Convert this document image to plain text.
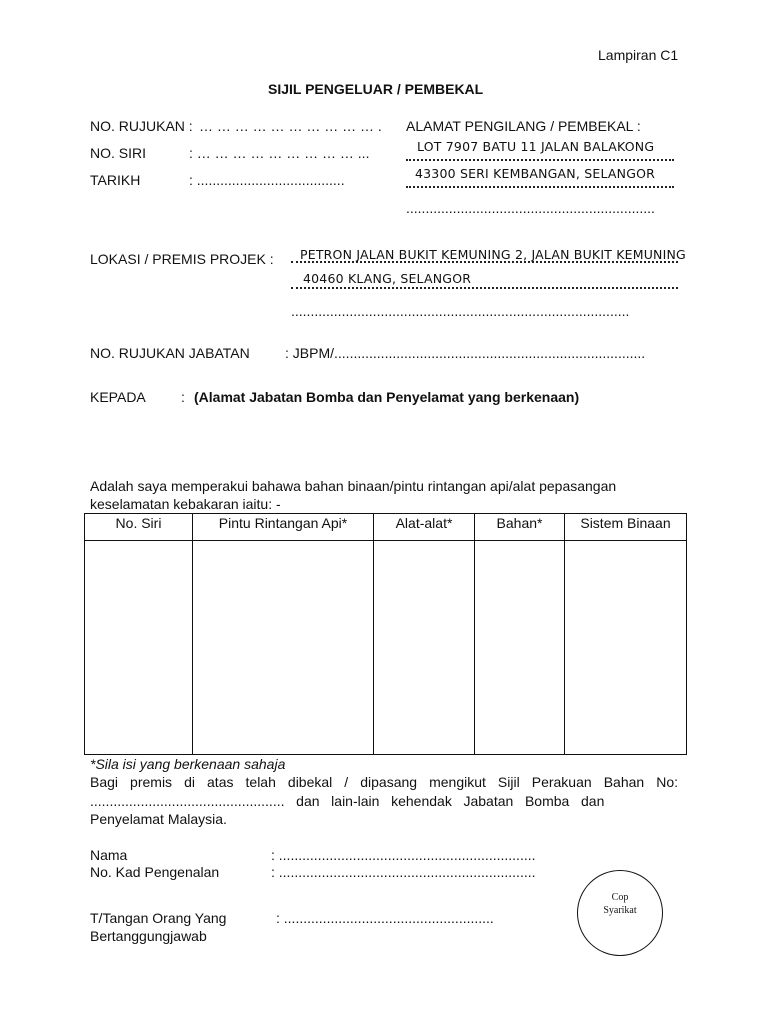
Lampiran C1
SIJIL PENGELUAR / PEMBEKAL
NO. RUJUKAN : … … … … … … … … … … .
NO. SIRI	: … … … … … … … … … ...
TARIKH	: ......................................
ALAMAT PENGILANG / PEMBEKAL :
LOT 7907 BATU 11 JALAN BALAKONG
43300 SERI KEMBANGAN, SELANGOR
................................................................
LOKASI / PREMIS PROJEK : PETRON JALAN BUKIT KEMUNING 2, JALAN BUKIT KEMUNING
40460 KLANG, SELANGOR
.......................................................................................
NO. RUJUKAN JABATAN	: JBPM/................................................................................
KEPADA	: (Alamat Jabatan Bomba dan Penyelamat yang berkenaan)
Adalah saya memperakui bahawa bahan binaan/pintu rintangan api/alat pepasangan
keselamatan kebakaran iaitu: -
No. Siri	Pintu Rintangan Api*	Alat-alat*	Bahan*	Sistem Binaan

*Sila isi yang berkenaan sahaja
Bagi premis di atas telah dibekal / dipasang mengikut Sijil Perakuan Bahan No:
..................................................   dan   lain-lain   kehendak   Jabatan   Bomba   dan
Penyelamat Malaysia.
Nama	: ..................................................................
No. Kad Pengenalan	: ..................................................................
T/Tangan Orang Yang
Bertanggungjawab
: ......................................................
Cop
Syarikat
